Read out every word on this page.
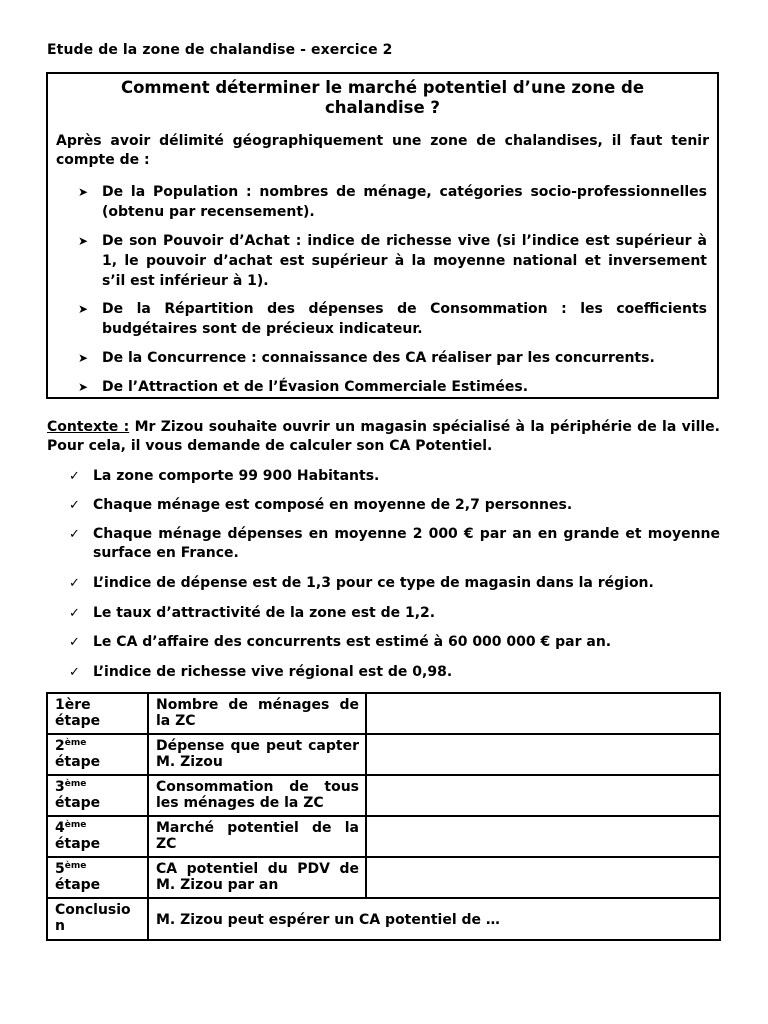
Etude de la zone de chalandise - exercice 2
Comment déterminer le marché potentiel d’une zone de chalandise ?
Après avoir délimité géographiquement une zone de chalandises, il faut tenir compte de :
➤ De la Population : nombres de ménage, catégories socio-professionnelles (obtenu par recensement).
➤ De son Pouvoir d’Achat : indice de richesse vive (si l’indice est supérieur à 1, le pouvoir d’achat est supérieur à la moyenne national et inversement s’il est inférieur à 1).
➤ De la Répartition des dépenses de Consommation : les coefficients budgétaires sont de précieux indicateur.
➤ De la Concurrence : connaissance des CA réaliser par les concurrents.
➤ De l’Attraction et de l’Évasion Commerciale Estimées.
Contexte : Mr Zizou souhaite ouvrir un magasin spécialisé à la périphérie de la ville. Pour cela, il vous demande de calculer son CA Potentiel.
✓ La zone comporte 99 900 Habitants.
✓ Chaque ménage est composé en moyenne de 2,7 personnes.
✓ Chaque ménage dépenses en moyenne 2 000 € par an en grande et moyenne surface en France.
✓ L’indice de dépense est de 1,3 pour ce type de magasin dans la région.
✓ Le taux d’attractivité de la zone est de 1,2.
✓ Le CA d’affaire des concurrents est estimé à 60 000 000 € par an.
✓ L’indice de richesse vive régional est de 0,98.
1ère
étape	Nombre de ménages de la ZC	
2ème
étape	Dépense que peut capter M. Zizou	
3ème
étape	Consommation de tous les ménages de la ZC	
4ème
étape	Marché potentiel de la ZC	
5ème
étape	CA potentiel du PDV de M. Zizou par an	
Conclusio
n	M. Zizou peut espérer un CA potentiel de …	
